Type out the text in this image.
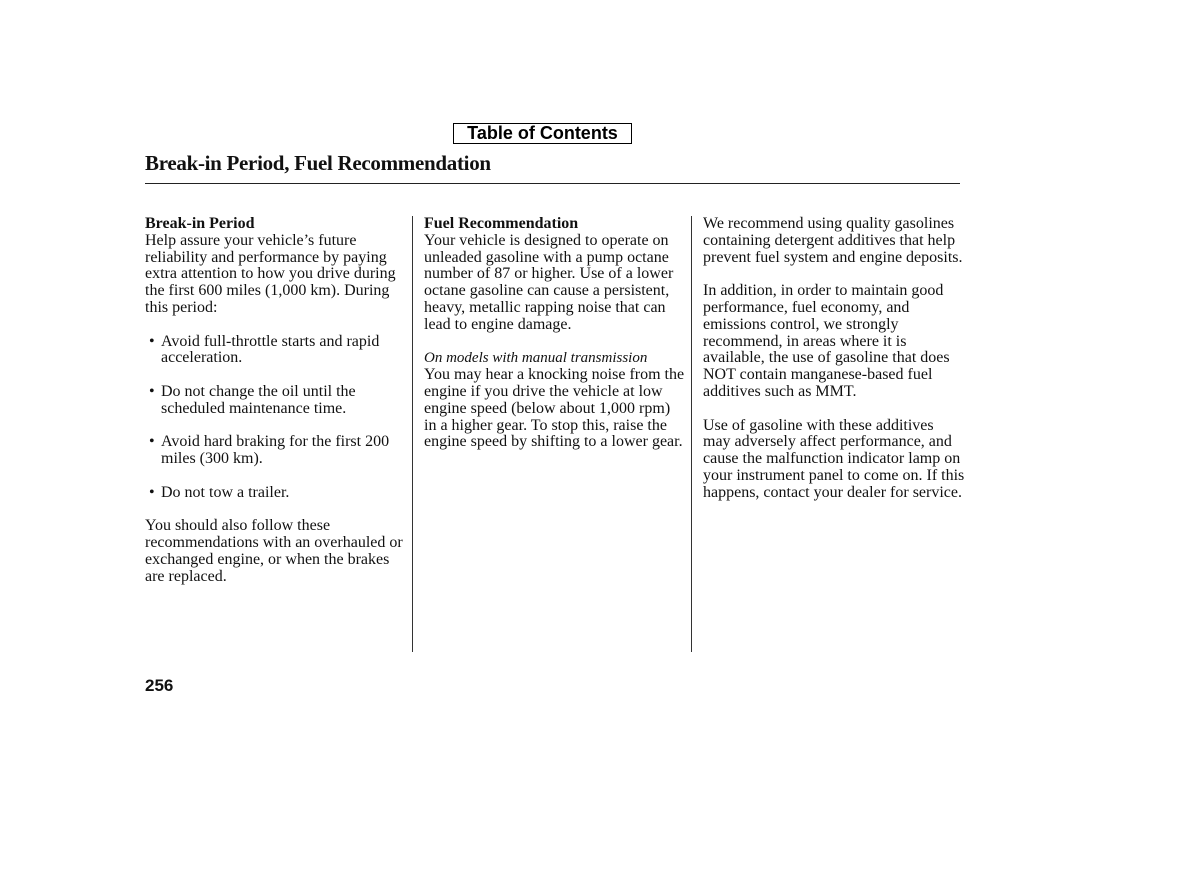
Table of Contents
Break-in Period, Fuel Recommendation

Break-in Period

Help assure your vehicle’s future reliability and performance by paying extra attention to how you drive during the first 600 miles (1,000 km). During this period:

• Avoid full-throttle starts and rapid acceleration.
• Do not change the oil until the scheduled maintenance time.
• Avoid hard braking for the first 200 miles (300 km).
• Do not tow a trailer.

You should also follow these recommendations with an overhauled or exchanged engine, or when the brakes are replaced.

Fuel Recommendation

Your vehicle is designed to operate on unleaded gasoline with a pump octane number of 87 or higher. Use of a lower octane gasoline can cause a persistent, heavy, metallic rapping noise that can lead to engine damage.

On models with manual transmission

You may hear a knocking noise from the engine if you drive the vehicle at low engine speed (below about 1,000 rpm) in a higher gear. To stop this, raise the engine speed by shifting to a lower gear.

We recommend using quality gasolines containing detergent additives that help prevent fuel system and engine deposits.

In addition, in order to maintain good performance, fuel economy, and emissions control, we strongly recommend, in areas where it is available, the use of gasoline that does NOT contain manganese-based fuel additives such as MMT.

Use of gasoline with these additives may adversely affect performance, and cause the malfunction indicator lamp on your instrument panel to come on. If this happens, contact your dealer for service.

256
